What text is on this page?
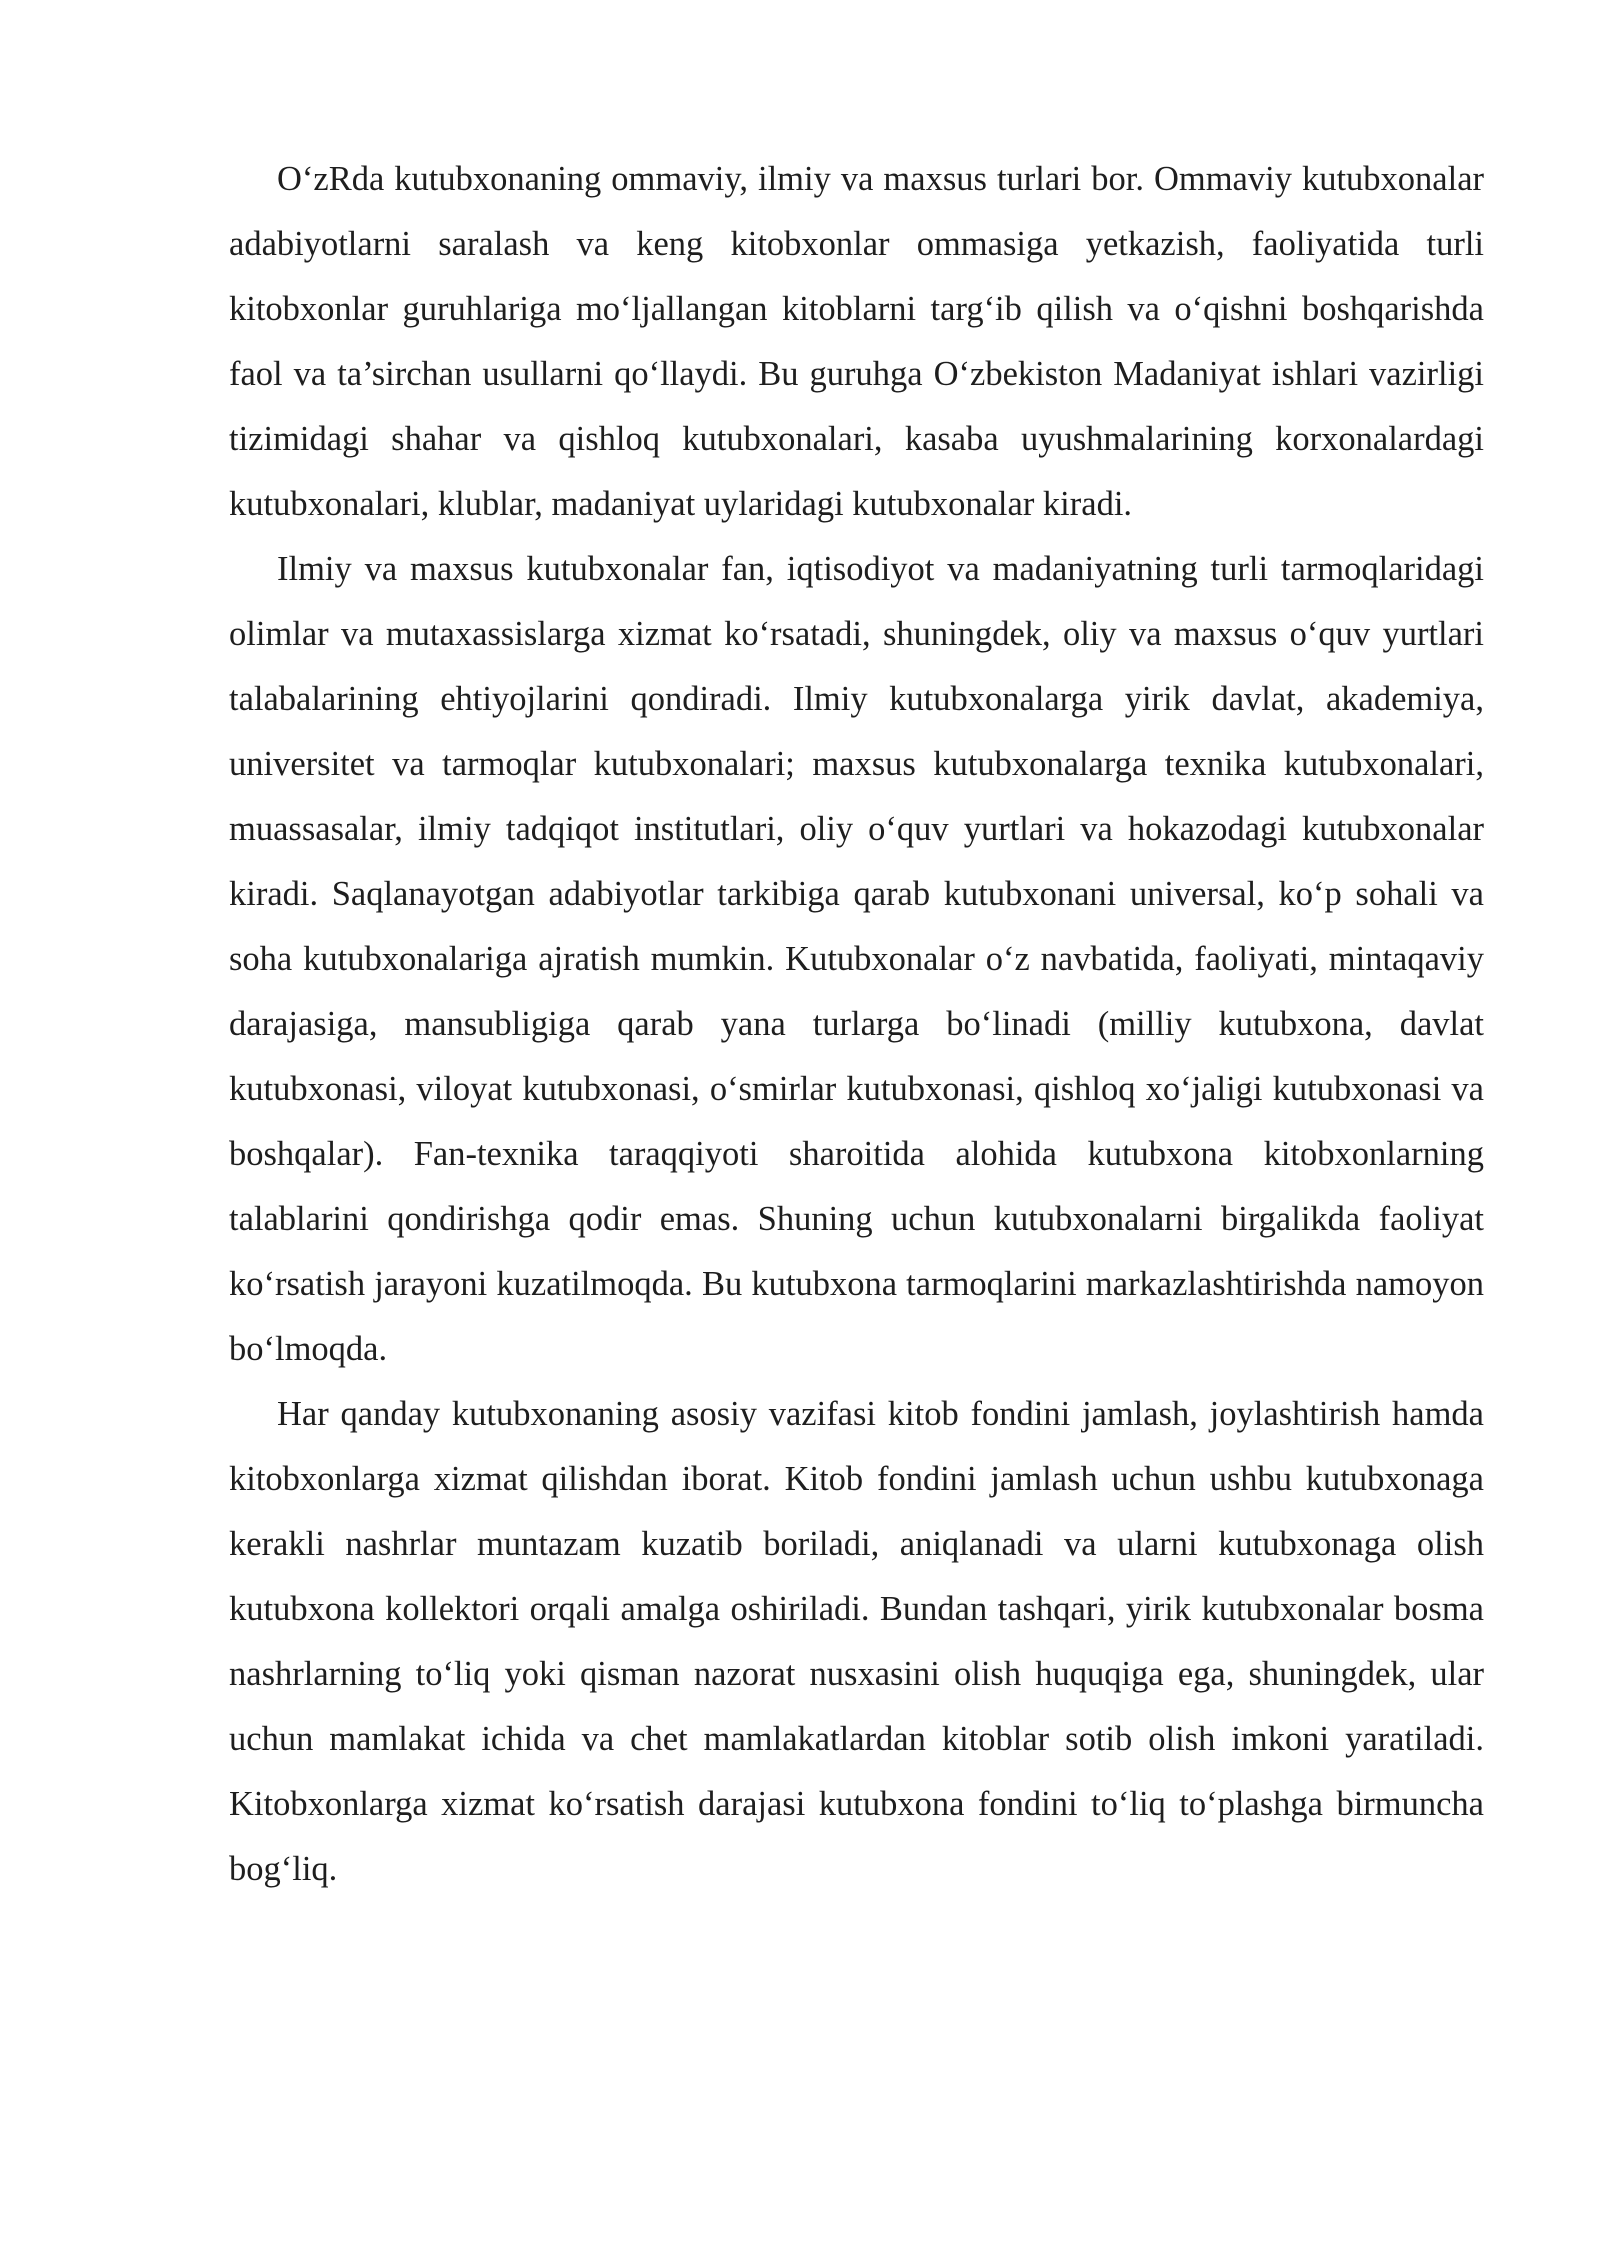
O‘zRda kutubxonaning ommaviy, ilmiy va maxsus turlari bor. Ommaviy kutubxonalar adabiyotlarni saralash va keng kitobxonlar ommasiga yetkazish, faoliyatida turli kitobxonlar guruhlariga mo‘ljallangan kitoblarni targ‘ib qilish va o‘qishni boshqarishda faol va ta’sirchan usullarni qo‘llaydi. Bu guruhga O‘zbekiston Madaniyat ishlari vazirligi tizimidagi shahar va qishloq kutubxonalari, kasaba uyushmalarining korxonalardagi kutubxonalari, klublar, madaniyat uylaridagi kutubxonalar kiradi.

Ilmiy va maxsus kutubxonalar fan, iqtisodiyot va madaniyatning turli tarmoqlaridagi olimlar va mutaxassislarga xizmat ko‘rsatadi, shuningdek, oliy va maxsus o‘quv yurtlari talabalarining ehtiyojlarini qondiradi. Ilmiy kutubxonalarga yirik davlat, akademiya, universitet va tarmoqlar kutubxonalari; maxsus kutubxonalarga texnika kutubxonalari, muassasalar, ilmiy tadqiqot institutlari, oliy o‘quv yurtlari va hokazodagi kutubxonalar kiradi. Saqlanayotgan adabiyotlar tarkibiga qarab kutubxonani universal, ko‘p sohali va soha kutubxonalariga ajratish mumkin. Kutubxonalar o‘z navbatida, faoliyati, mintaqaviy darajasiga, mansubligiga qarab yana turlarga bo‘linadi (milliy kutubxona, davlat kutubxonasi, viloyat kutubxonasi, o‘smirlar kutubxonasi, qishloq xo‘jaligi kutubxonasi va boshqalar). Fan-texnika taraqqiyoti sharoitida alohida kutubxona kitobxonlarning talablarini qondirishga qodir emas. Shuning uchun kutubxonalarni birgalikda faoliyat ko‘rsatish jarayoni kuzatilmoqda. Bu kutubxona tarmoqlarini markazlashtirishda namoyon bo‘lmoqda.

Har qanday kutubxonaning asosiy vazifasi kitob fondini jamlash, joylashtirish hamda kitobxonlarga xizmat qilishdan iborat. Kitob fondini jamlash uchun ushbu kutubxonaga kerakli nashrlar muntazam kuzatib boriladi, aniqlanadi va ularni kutubxonaga olish kutubxona kollektori orqali amalga oshiriladi. Bundan tashqari, yirik kutubxonalar bosma nashrlarning to‘liq yoki qisman nazorat nusxasini olish huquqiga ega, shuningdek, ular uchun mamlakat ichida va chet mamlakatlardan kitoblar sotib olish imkoni yaratiladi. Kitobxonlarga xizmat ko‘rsatish darajasi kutubxona fondini to‘liq to‘plashga birmuncha bog‘liq.
